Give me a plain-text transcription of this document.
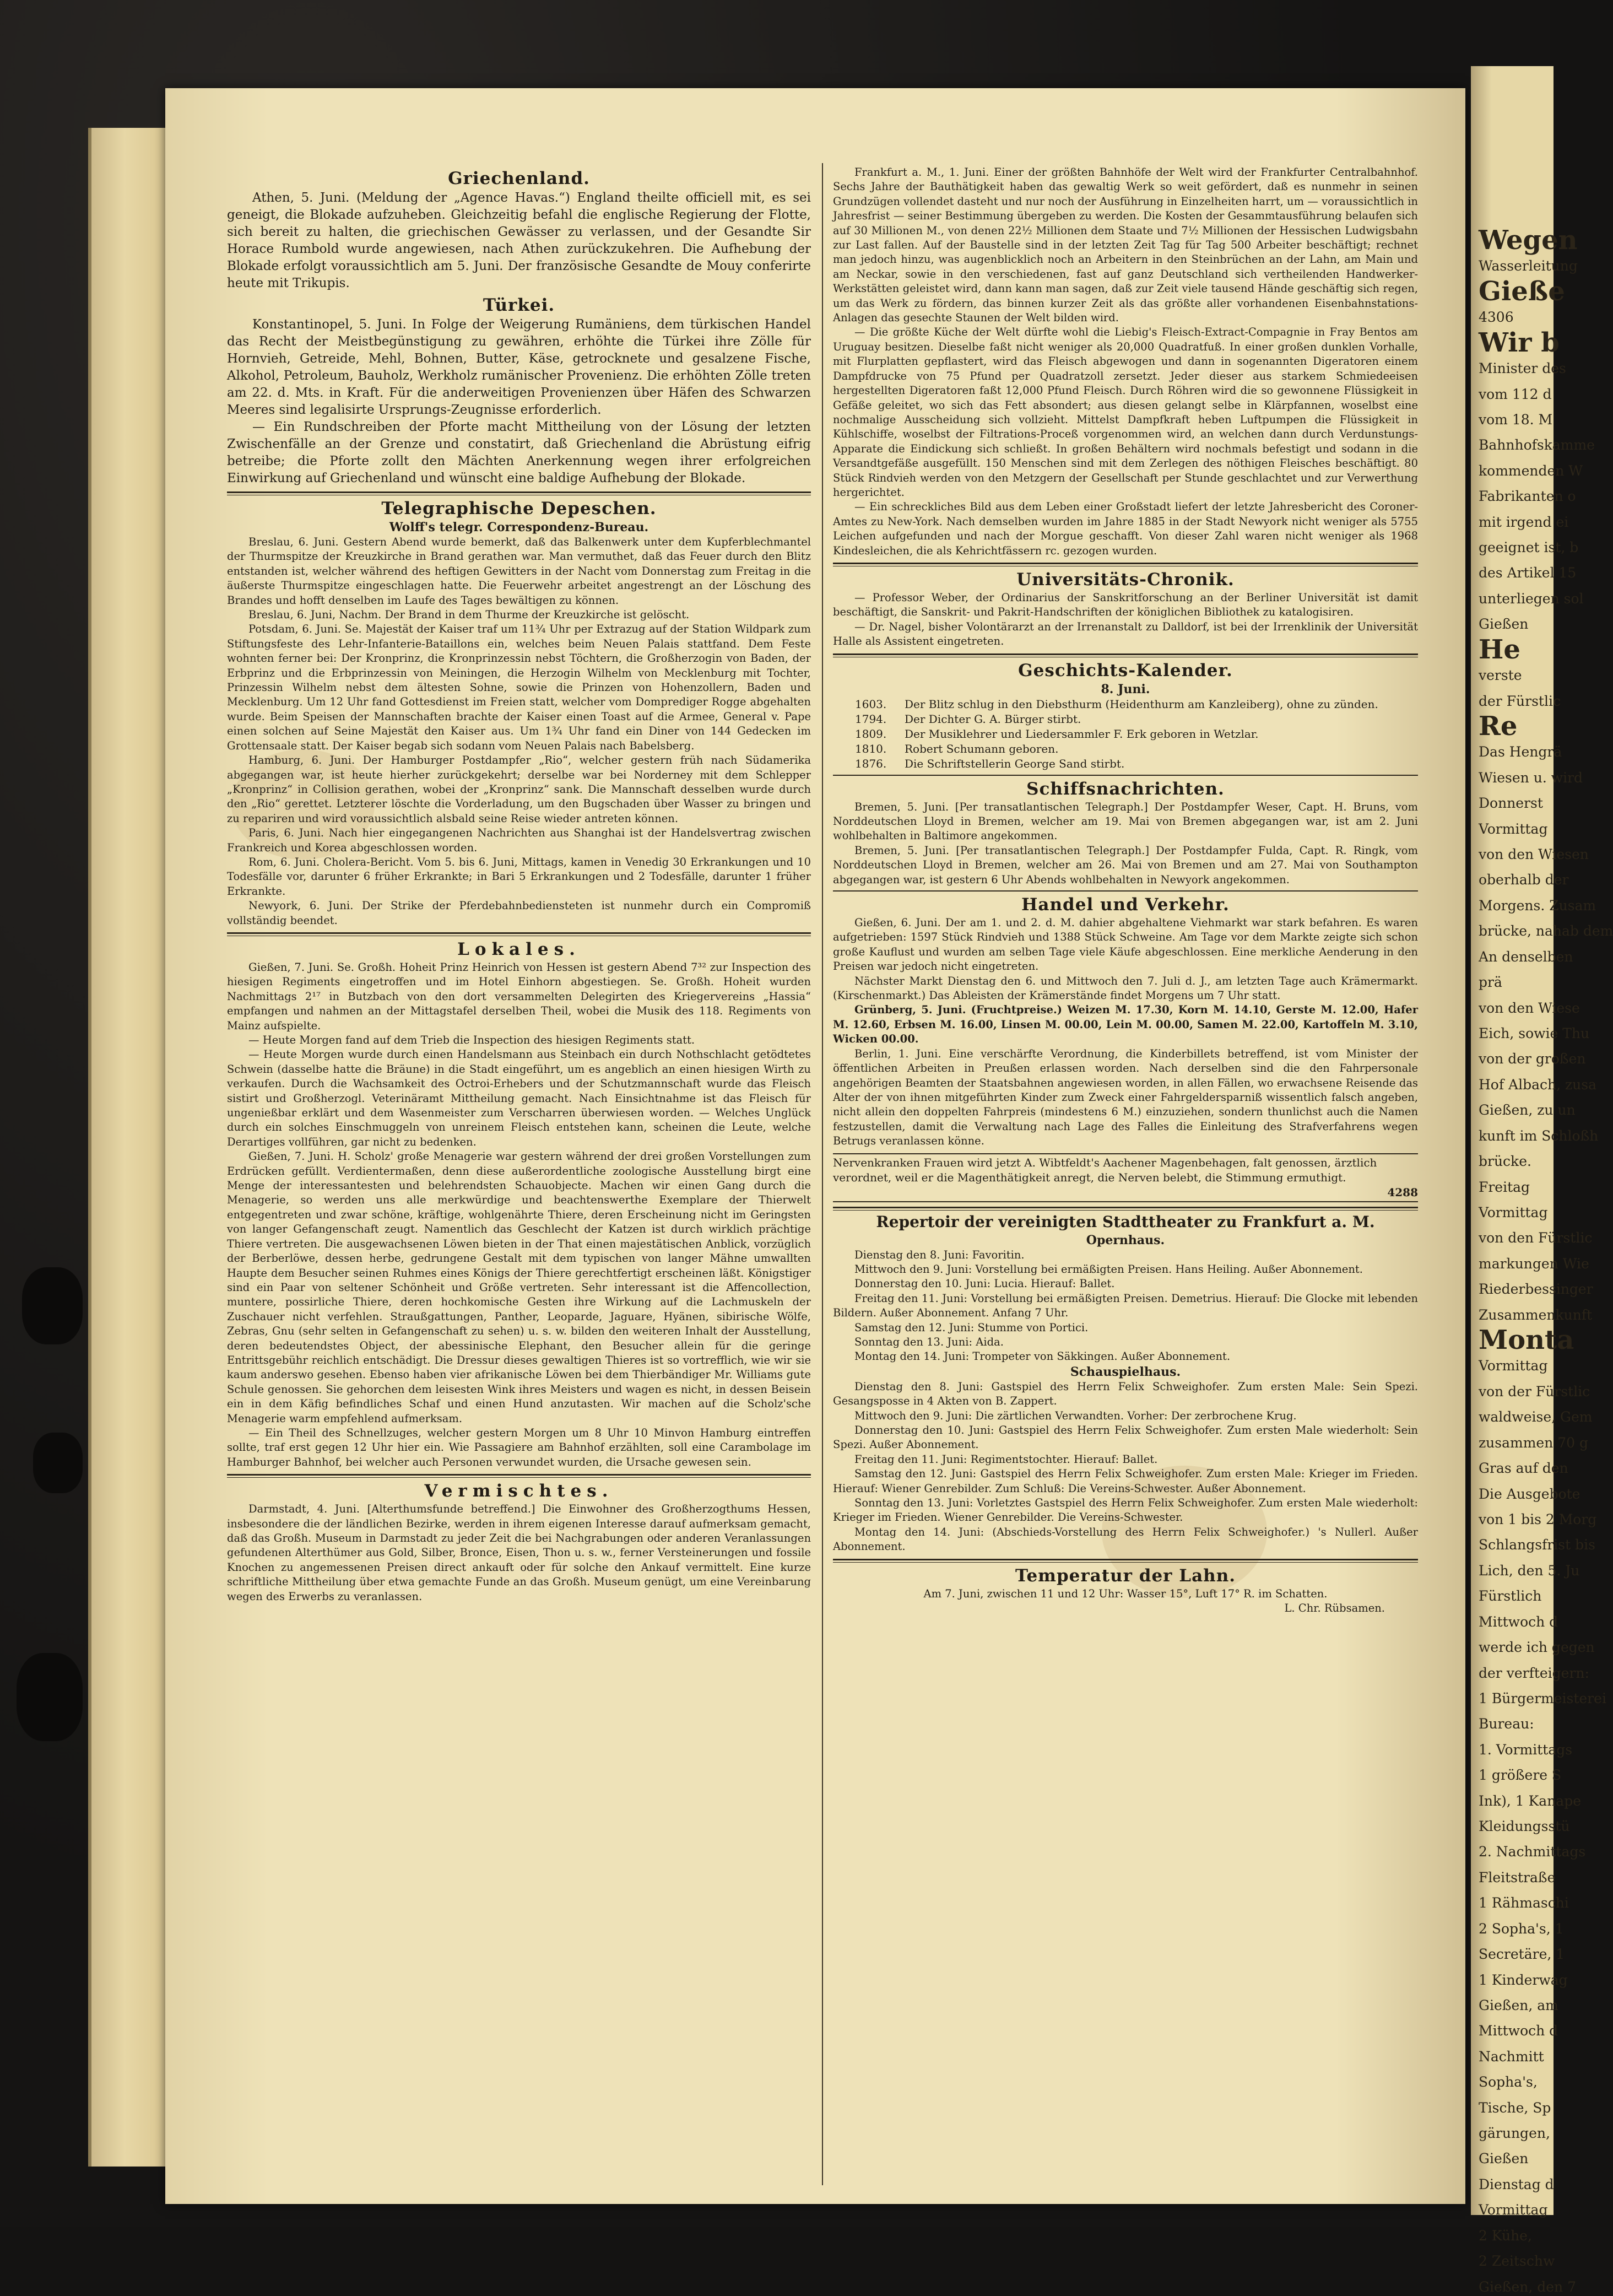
Wegen
Wasserleitung
Gieße
4306
Wir b
Minister des
vom 112 d
vom 18. M
Bahnhofskamme
kommenden W
Fabrikanten o
mit irgend ei
geeignet ist, b
des Artikel 15
unterliegen sol
Gießen
He
verste
der Fürstlic
Re
Das Hengrä
Wiesen u. wird
Donnerst
Vormittag
von den Wiesen
oberhalb der
Morgens. Zusam
brücke, nahab dem
An denselben
prä
von den Wiese
Eich, sowie Thu
von der großen
Hof Albach, zusa
Gießen, zu un
kunft im Schloßh
brücke.
Freitag
Vormittag
von den Fürstlic
markungen Wie
Riederbessinger
Zusammenkunft
Monta
Vormittag
von der Fürstlic
waldweise, Gem
zusammen 70 g
Gras auf den
Die Ausgebote
von 1 bis 2 Morg
Schlangsfrist bis
Lich, den 5. Ju
Fürstlich
Mittwoch d
werde ich gegen
der verfteigern:
1 Bürgermeisterei
Bureau:
1. Vormittags
1 größere S
Ink), 1 Kanape
Kleidungsstü
2. Nachmittags
Fleitstraße
1 Rähmaschi
2 Sopha's, 1
Secretäre, 1
1 Kinderwag
Gießen, am
Mittwoch d
Nachmitt
Sopha's,
Tische, Sp
gärungen,
Gießen
Dienstag d
Vormittag
2 Kühe,
2 Zeitschw
Gießen, den 7
Griechenland.

Athen, 5. Juni. (Meldung der „Agence Havas.“) England theilte officiell mit, es sei geneigt, die Blokade aufzuheben. Gleichzeitig befahl die englische Regierung der Flotte, sich bereit zu halten, die griechischen Gewässer zu verlassen, und der Gesandte Sir Horace Rumbold wurde angewiesen, nach Athen zurückzukehren. Die Aufhebung der Blokade erfolgt voraussichtlich am 5. Juni. Der französische Gesandte de Mouy conferirte heute mit Trikupis.

Türkei.

Konstantinopel, 5. Juni. In Folge der Weigerung Rumäniens, dem türkischen Handel das Recht der Meistbegünstigung zu gewähren, erhöhte die Türkei ihre Zölle für Hornvieh, Getreide, Mehl, Bohnen, Butter, Käse, getrocknete und gesalzene Fische, Alkohol, Petroleum, Bauholz, Werkholz rumänischer Provenienz. Die erhöhten Zölle treten am 22. d. Mts. in Kraft. Für die anderweitigen Provenienzen über Häfen des Schwarzen Meeres sind legalisirte Ursprungs-Zeugnisse erforderlich.

— Ein Rundschreiben der Pforte macht Mittheilung von der Lösung der letzten Zwischenfälle an der Grenze und constatirt, daß Griechenland die Abrüstung eifrig betreibe; die Pforte zollt den Mächten Anerkennung wegen ihrer erfolgreichen Einwirkung auf Griechenland und wünscht eine baldige Aufhebung der Blokade.

Telegraphische Depeschen.
Wolff's telegr. Correspondenz-Bureau.

Breslau, 6. Juni. Gestern Abend wurde bemerkt, daß das Balkenwerk unter dem Kupferblechmantel der Thurmspitze der Kreuzkirche in Brand gerathen war. Man vermuthet, daß das Feuer durch den Blitz entstanden ist, welcher während des heftigen Gewitters in der Nacht vom Donnerstag zum Freitag in die äußerste Thurmspitze eingeschlagen hatte. Die Feuerwehr arbeitet angestrengt an der Löschung des Brandes und hofft denselben im Laufe des Tages bewältigen zu können.

Breslau, 6. Juni, Nachm. Der Brand in dem Thurme der Kreuzkirche ist gelöscht.

Potsdam, 6. Juni. Se. Majestät der Kaiser traf um 11¾ Uhr per Extrazug auf der Station Wildpark zum Stiftungsfeste des Lehr-Infanterie-Bataillons ein, welches beim Neuen Palais stattfand. Dem Feste wohnten ferner bei: Der Kronprinz, die Kronprinzessin nebst Töchtern, die Großherzogin von Baden, der Erbprinz und die Erbprinzessin von Meiningen, die Herzogin Wilhelm von Mecklenburg mit Tochter, Prinzessin Wilhelm nebst dem ältesten Sohne, sowie die Prinzen von Hohenzollern, Baden und Mecklenburg. Um 12 Uhr fand Gottesdienst im Freien statt, welcher vom Domprediger Rogge abgehalten wurde. Beim Speisen der Mannschaften brachte der Kaiser einen Toast auf die Armee, General v. Pape einen solchen auf Seine Majestät den Kaiser aus. Um 1¾ Uhr fand ein Diner von 144 Gedecken im Grottensaale statt. Der Kaiser begab sich sodann vom Neuen Palais nach Babelsberg.

Hamburg, 6. Juni. Der Hamburger Postdampfer „Rio“, welcher gestern früh nach Südamerika abgegangen war, ist heute hierher zurückgekehrt; derselbe war bei Norderney mit dem Schlepper „Kronprinz“ in Collision gerathen, wobei der „Kronprinz“ sank. Die Mannschaft desselben wurde durch den „Rio“ gerettet. Letzterer löschte die Vorderladung, um den Bugschaden über Wasser zu bringen und zu repariren und wird voraussichtlich alsbald seine Reise wieder antreten können.

Paris, 6. Juni. Nach hier eingegangenen Nachrichten aus Shanghai ist der Handelsvertrag zwischen Frankreich und Korea abgeschlossen worden.

Rom, 6. Juni. Cholera-Bericht. Vom 5. bis 6. Juni, Mittags, kamen in Venedig 30 Erkrankungen und 10 Todesfälle vor, darunter 6 früher Erkrankte; in Bari 5 Erkrankungen und 2 Todesfälle, darunter 1 früher Erkrankte.

Newyork, 6. Juni. Der Strike der Pferdebahnbediensteten ist nunmehr durch ein Compromiß vollständig beendet.

Lokales.

Gießen, 7. Juni. Se. Großh. Hoheit Prinz Heinrich von Hessen ist gestern Abend 7³² zur Inspection des hiesigen Regiments eingetroffen und im Hotel Einhorn abgestiegen. Se. Großh. Hoheit wurden Nachmittags 2¹⁷ in Butzbach von den dort versammelten Delegirten des Kriegervereins „Hassia“ empfangen und nahmen an der Mittagstafel derselben Theil, wobei die Musik des 118. Regiments von Mainz aufspielte.

— Heute Morgen fand auf dem Trieb die Inspection des hiesigen Regiments statt.

— Heute Morgen wurde durch einen Handelsmann aus Steinbach ein durch Nothschlacht getödtetes Schwein (dasselbe hatte die Bräune) in die Stadt eingeführt, um es angeblich an einen hiesigen Wirth zu verkaufen. Durch die Wachsamkeit des Octroi-Erhebers und der Schutzmannschaft wurde das Fleisch sistirt und Großherzogl. Veterinäramt Mittheilung gemacht. Nach Einsichtnahme ist das Fleisch für ungenießbar erklärt und dem Wasenmeister zum Verscharren überwiesen worden. — Welches Unglück durch ein solches Einschmuggeln von unreinem Fleisch entstehen kann, scheinen die Leute, welche Derartiges vollführen, gar nicht zu bedenken.

Gießen, 7. Juni. H. Scholz' große Menagerie war gestern während der drei großen Vorstellungen zum Erdrücken gefüllt. Verdientermaßen, denn diese außerordentliche zoologische Ausstellung birgt eine Menge der interessantesten und belehrendsten Schauobjecte. Machen wir einen Gang durch die Menagerie, so werden uns alle merkwürdige und beachtenswerthe Exemplare der Thierwelt entgegentreten und zwar schöne, kräftige, wohlgenährte Thiere, deren Erscheinung nicht im Geringsten von langer Gefangenschaft zeugt. Namentlich das Geschlecht der Katzen ist durch wirklich prächtige Thiere vertreten. Die ausgewachsenen Löwen bieten in der That einen majestätischen Anblick, vorzüglich der Berberlöwe, dessen herbe, gedrungene Gestalt mit dem typischen von langer Mähne umwallten Haupte dem Besucher seinen Ruhmes eines Königs der Thiere gerechtfertigt erscheinen läßt. Königstiger sind ein Paar von seltener Schönheit und Größe vertreten. Sehr interessant ist die Affencollection, muntere, possirliche Thiere, deren hochkomische Gesten ihre Wirkung auf die Lachmuskeln der Zuschauer nicht verfehlen. Straußgattungen, Panther, Leoparde, Jaguare, Hyänen, sibirische Wölfe, Zebras, Gnu (sehr selten in Gefangenschaft zu sehen) u. s. w. bilden den weiteren Inhalt der Ausstellung, deren bedeutendstes Object, der abessinische Elephant, den Besucher allein für die geringe Entrittsgebühr reichlich entschädigt. Die Dressur dieses gewaltigen Thieres ist so vortrefflich, wie wir sie kaum anderswo gesehen. Ebenso haben vier afrikanische Löwen bei dem Thierbändiger Mr. Williams gute Schule genossen. Sie gehorchen dem leisesten Wink ihres Meisters und wagen es nicht, in dessen Beisein ein in dem Käfig befindliches Schaf und einen Hund anzutasten. Wir machen auf die Scholz'sche Menagerie warm empfehlend aufmerksam.

— Ein Theil des Schnellzuges, welcher gestern Morgen um 8 Uhr 10 Minvon Hamburg eintreffen sollte, traf erst gegen 12 Uhr hier ein. Wie Passagiere am Bahnhof erzählten, soll eine Carambolage im Hamburger Bahnhof, bei welcher auch Personen verwundet wurden, die Ursache gewesen sein.

Vermischtes.

Darmstadt, 4. Juni. [Alterthumsfunde betreffend.] Die Einwohner des Großherzogthums Hessen, insbesondere die der ländlichen Bezirke, werden in ihrem eigenen Interesse darauf aufmerksam gemacht, daß das Großh. Museum in Darmstadt zu jeder Zeit die bei Nachgrabungen oder anderen Veranlassungen gefundenen Alterthümer aus Gold, Silber, Bronce, Eisen, Thon u. s. w., ferner Versteinerungen und fossile Knochen zu angemessenen Preisen direct ankauft oder für solche den Ankauf vermittelt. Eine kurze schriftliche Mittheilung über etwa gemachte Funde an das Großh. Museum genügt, um eine Vereinbarung wegen des Erwerbs zu veranlassen.

Frankfurt a. M., 1. Juni. Einer der größten Bahnhöfe der Welt wird der Frankfurter Centralbahnhof. Sechs Jahre der Bauthätigkeit haben das gewaltig Werk so weit gefördert, daß es nunmehr in seinen Grundzügen vollendet dasteht und nur noch der Ausführung in Einzelheiten harrt, um — voraussichtlich in Jahresfrist — seiner Bestimmung übergeben zu werden. Die Kosten der Gesammtausführung belaufen sich auf 30 Millionen M., von denen 22½ Millionen dem Staate und 7½ Millionen der Hessischen Ludwigsbahn zur Last fallen. Auf der Baustelle sind in der letzten Zeit Tag für Tag 500 Arbeiter beschäftigt; rechnet man jedoch hinzu, was augenblicklich noch an Arbeitern in den Steinbrüchen an der Lahn, am Main und am Neckar, sowie in den verschiedenen, fast auf ganz Deutschland sich vertheilenden Handwerker-Werkstätten geleistet wird, dann kann man sagen, daß zur Zeit viele tausend Hände geschäftig sich regen, um das Werk zu fördern, das binnen kurzer Zeit als das größte aller vorhandenen Eisenbahnstations-Anlagen das gesechte Staunen der Welt bilden wird.

— Die größte Küche der Welt dürfte wohl die Liebig's Fleisch-Extract-Compagnie in Fray Bentos am Uruguay besitzen. Dieselbe faßt nicht weniger als 20,000 Quadratfuß. In einer großen dunklen Vorhalle, mit Flurplatten gepflastert, wird das Fleisch abgewogen und dann in sogenannten Digeratoren einem Dampfdrucke von 75 Pfund per Quadratzoll zersetzt. Jeder dieser aus starkem Schmiedeeisen hergestellten Digeratoren faßt 12,000 Pfund Fleisch. Durch Röhren wird die so gewonnene Flüssigkeit in Gefäße geleitet, wo sich das Fett absondert; aus diesen gelangt selbe in Klärpfannen, woselbst eine nochmalige Ausscheidung sich vollzieht. Mittelst Dampfkraft heben Luftpumpen die Flüssigkeit in Kühlschiffe, woselbst der Filtrations-Proceß vorgenommen wird, an welchen dann durch Verdunstungs-Apparate die Eindickung sich schließt. In großen Behältern wird nochmals befestigt und sodann in die Versandtgefäße ausgefüllt. 150 Menschen sind mit dem Zerlegen des nöthigen Fleisches beschäftigt. 80 Stück Rindvieh werden von den Metzgern der Gesellschaft per Stunde geschlachtet und zur Verwerthung hergerichtet.

— Ein schreckliches Bild aus dem Leben einer Großstadt liefert der letzte Jahresbericht des Coroner-Amtes zu New-York. Nach demselben wurden im Jahre 1885 in der Stadt Newyork nicht weniger als 5755 Leichen aufgefunden und nach der Morgue geschafft. Von dieser Zahl waren nicht weniger als 1968 Kindesleichen, die als Kehrichtfässern rc. gezogen wurden.

Universitäts-Chronik.

— Professor Weber, der Ordinarius der Sanskritforschung an der Berliner Universität ist damit beschäftigt, die Sanskrit- und Pakrit-Handschriften der königlichen Bibliothek zu katalogisiren.

— Dr. Nagel, bisher Volontärarzt an der Irrenanstalt zu Dalldorf, ist bei der Irrenklinik der Universität Halle als Assistent eingetreten.

Geschichts-Kalender.
8. Juni.
1603.	Der Blitz schlug in den Diebsthurm (Heidenthurm am Kanzleiberg), ohne zu zünden.
1794.	Der Dichter G. A. Bürger stirbt.
1809.	Der Musiklehrer und Liedersammler F. Erk geboren in Wetzlar.
1810.	Robert Schumann geboren.
1876.	Die Schriftstellerin George Sand stirbt.
Schiffsnachrichten.

Bremen, 5. Juni. [Per transatlantischen Telegraph.] Der Postdampfer Weser, Capt. H. Bruns, vom Norddeutschen Lloyd in Bremen, welcher am 19. Mai von Bremen abgegangen war, ist am 2. Juni wohlbehalten in Baltimore angekommen.

Bremen, 5. Juni. [Per transatlantischen Telegraph.] Der Postdampfer Fulda, Capt. R. Ringk, vom Norddeutschen Lloyd in Bremen, welcher am 26. Mai von Bremen und am 27. Mai von Southampton abgegangen war, ist gestern 6 Uhr Abends wohlbehalten in Newyork angekommen.

Handel und Verkehr.

Gießen, 6. Juni. Der am 1. und 2. d. M. dahier abgehaltene Viehmarkt war stark befahren. Es waren aufgetrieben: 1597 Stück Rindvieh und 1388 Stück Schweine. Am Tage vor dem Markte zeigte sich schon große Kauflust und wurden am selben Tage viele Käufe abgeschlossen. Eine merkliche Aenderung in den Preisen war jedoch nicht eingetreten.

Nächster Markt Dienstag den 6. und Mittwoch den 7. Juli d. J., am letzten Tage auch Krämermarkt. (Kirschenmarkt.) Das Ableisten der Krämerstände findet Morgens um 7 Uhr statt.

Grünberg, 5. Juni. (Fruchtpreise.) Weizen M. 17.30, Korn M. 14.10, Gerste M. 12.00, Hafer M. 12.60, Erbsen M. 16.00, Linsen M. 00.00, Lein M. 00.00, Samen M. 22.00, Kartoffeln M. 3.10, Wicken 00.00.

Berlin, 1. Juni. Eine verschärfte Verordnung, die Kinderbillets betreffend, ist vom Minister der öffentlichen Arbeiten in Preußen erlassen worden. Nach derselben sind die den Fahrpersonale angehörigen Beamten der Staatsbahnen angewiesen worden, in allen Fällen, wo erwachsene Reisende das Alter der von ihnen mitgeführten Kinder zum Zweck einer Fahrgeldersparniß wissentlich falsch angeben, nicht allein den doppelten Fahrpreis (mindestens 6 M.) einzuziehen, sondern thunlichst auch die Namen festzustellen, damit die Verwaltung nach Lage des Falles die Einleitung des Strafverfahrens wegen Betrugs veranlassen könne.

Nervenkranken Frauen wird jetzt A. Wibtfeldt's Aachener Magenbehagen, falt genossen, ärztlich verordnet, weil er die Magenthätigkeit anregt, die Nerven belebt, die Stimmung ermuthigt.
4288
Repertoir der vereinigten Stadttheater zu Frankfurt a. M.
Opernhaus.

Dienstag den 8. Juni: Favoritin.

Mittwoch den 9. Juni: Vorstellung bei ermäßigten Preisen. Hans Heiling. Außer Abonnement.

Donnerstag den 10. Juni: Lucia. Hierauf: Ballet.

Freitag den 11. Juni: Vorstellung bei ermäßigten Preisen. Demetrius. Hierauf: Die Glocke mit lebenden Bildern. Außer Abonnement. Anfang 7 Uhr.

Samstag den 12. Juni: Stumme von Portici.

Sonntag den 13. Juni: Aida.

Montag den 14. Juni: Trompeter von Säkkingen. Außer Abonnement.

Schauspielhaus.

Dienstag den 8. Juni: Gastspiel des Herrn Felix Schweighofer. Zum ersten Male: Sein Spezi. Gesangsposse in 4 Akten von B. Zappert.

Mittwoch den 9. Juni: Die zärtlichen Verwandten. Vorher: Der zerbrochene Krug.

Donnerstag den 10. Juni: Gastspiel des Herrn Felix Schweighofer. Zum ersten Male wiederholt: Sein Spezi. Außer Abonnement.

Freitag den 11. Juni: Regimentstochter. Hierauf: Ballet.

Samstag den 12. Juni: Gastspiel des Herrn Felix Schweighofer. Zum ersten Male: Krieger im Frieden. Hierauf: Wiener Genrebilder. Zum Schluß: Die Vereins-Schwester. Außer Abonnement.

Sonntag den 13. Juni: Vorletztes Gastspiel des Herrn Felix Schweighofer. Zum ersten Male wiederholt: Krieger im Frieden. Wiener Genrebilder. Die Vereins-Schwester.

Montag den 14. Juni: (Abschieds-Vorstellung des Herrn Felix Schweighofer.) 's Nullerl. Außer Abonnement.

Temperatur der Lahn.

Am 7. Juni, zwischen 11 und 12 Uhr: Wasser 15°, Luft 17° R. im Schatten.

L. Chr. Rübsamen.
